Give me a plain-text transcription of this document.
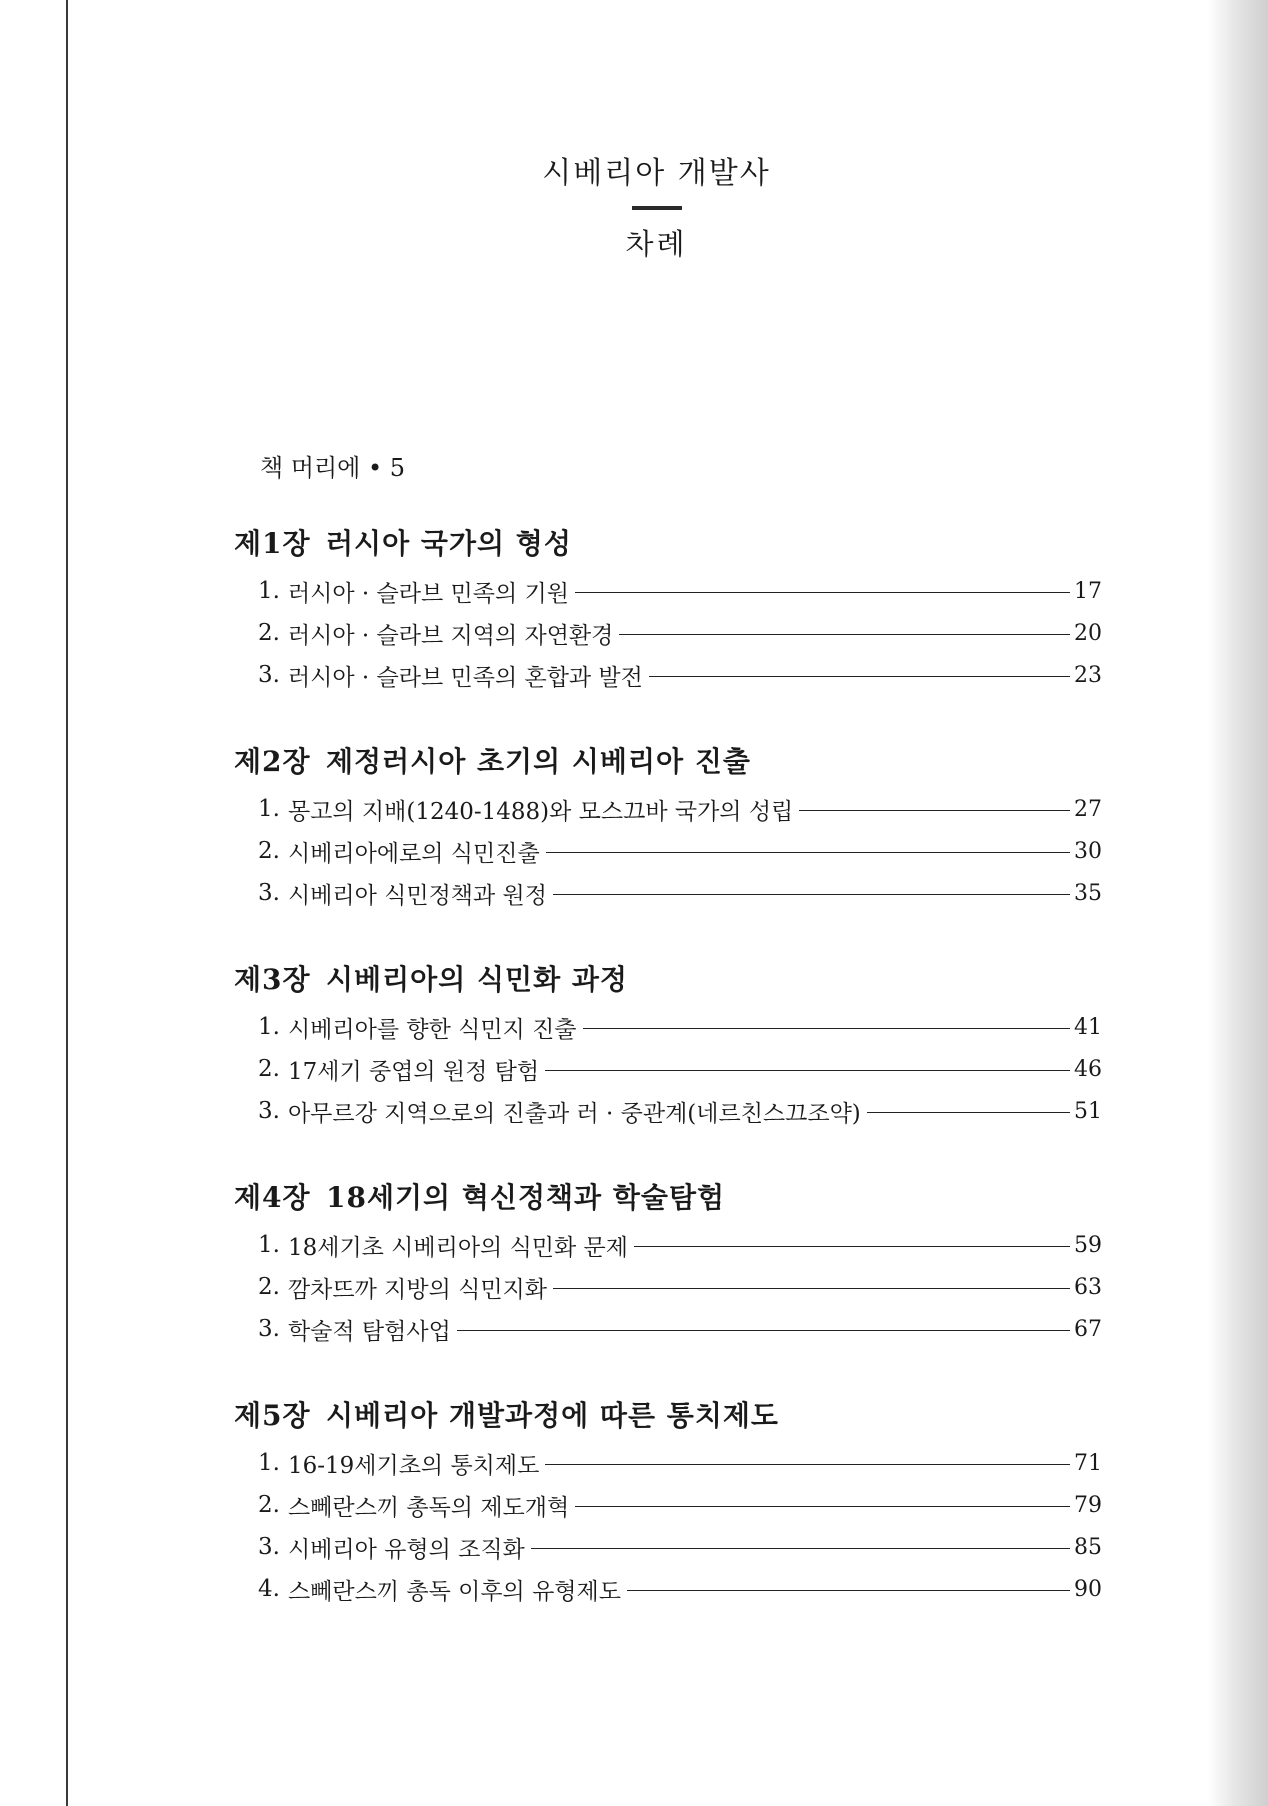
시베리아 개발사
차례
책 머리에 • 5
제1장 러시아 국가의 형성
1. 러시아 · 슬라브 민족의 기원	17
2. 러시아 · 슬라브 지역의 자연환경	20
3. 러시아 · 슬라브 민족의 혼합과 발전	23
제2장 제정러시아 초기의 시베리아 진출
1. 몽고의 지배(1240-1488)와 모스끄바 국가의 성립	27
2. 시베리아에로의 식민진출	30
3. 시베리아 식민정책과 원정	35
제3장 시베리아의 식민화 과정
1. 시베리아를 향한 식민지 진출	41
2. 17세기 중엽의 원정 탐험	46
3. 아무르강 지역으로의 진출과 러 · 중관계(네르친스끄조약)	51
제4장 18세기의 혁신정책과 학술탐험
1. 18세기초 시베리아의 식민화 문제	59
2. 깜차뜨까 지방의 식민지화	63
3. 학술적 탐험사업	67
제5장 시베리아 개발과정에 따른 통치제도
1. 16-19세기초의 통치제도	71
2. 스뻬란스끼 총독의 제도개혁	79
3. 시베리아 유형의 조직화	85
4. 스뻬란스끼 총독 이후의 유형제도	90
